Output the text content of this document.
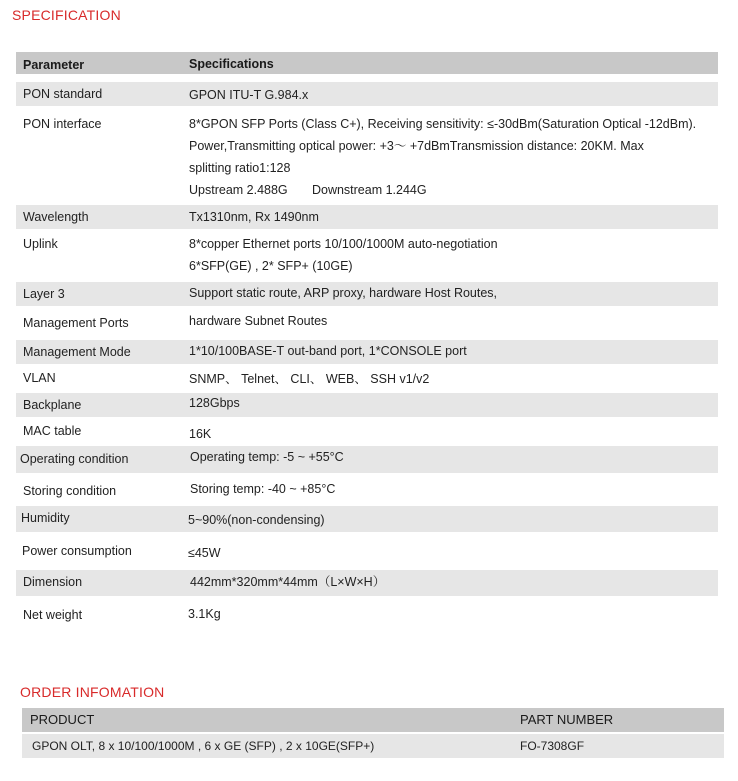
SPECIFICATION
Parameter	Specifications
PON standard	GPON ITU-T G.984.x
PON interface	8*GPON SFP Ports (Class C+), Receiving sensitivity: ≤-30dBm(Saturation Optical -12dBm).
Power,Transmitting optical power: +3〜 +7dBmTransmission distance: 20KM. Max
splitting ratio1:128
Upstream 2.488G       Downstream 1.244G
Wavelength	Tx1310nm, Rx 1490nm
Uplink	8*copper Ethernet ports 10/100/1000M auto-negotiation
6*SFP(GE) , 2* SFP+ (10GE)
Layer 3	Support static route, ARP proxy, hardware Host Routes,
Management Ports	hardware Subnet Routes
Management Mode	1*10/100BASE-T out-band port, 1*CONSOLE port
VLAN	SNMP、 Telnet、 CLI、 WEB、 SSH v1/v2
Backplane	128Gbps
MAC table	16K
Operating condition	Operating temp: -5 ~ +55°C
Storing condition	Storing temp: -40 ~ +85°C
Humidity	5~90%(non-condensing)
Power consumption	≤45W
Dimension	442mm*320mm*44mm（L×W×H）
Net weight	3.1Kg
ORDER INFOMATION
PRODUCT	PART NUMBER
GPON OLT, 8 x 10/100/1000M , 6 x GE (SFP) , 2 x 10GE(SFP+)	FO-7308GF
